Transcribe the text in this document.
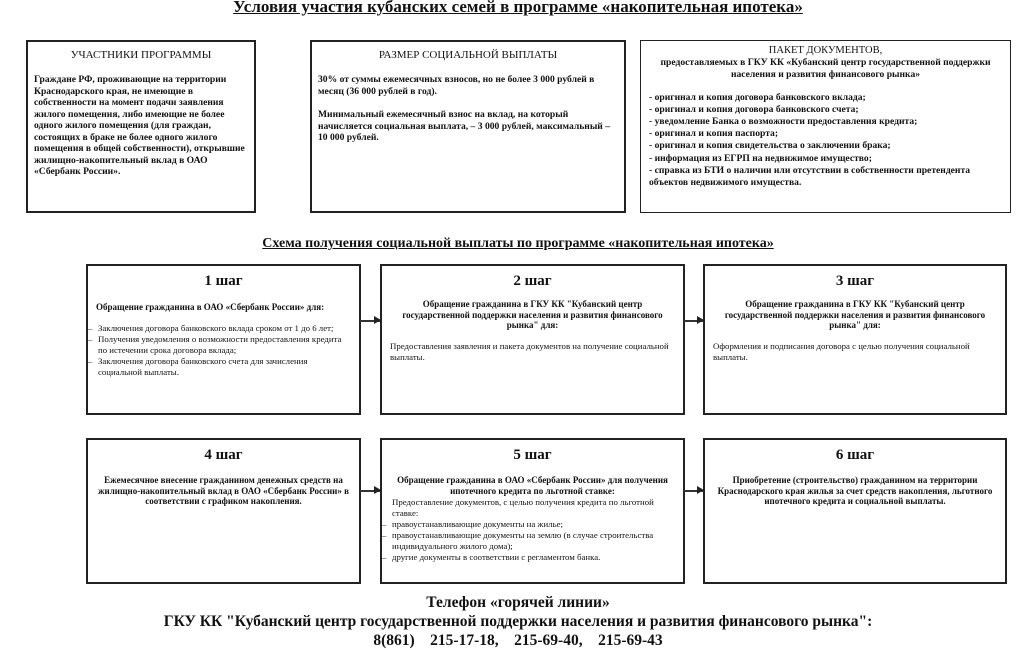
Условия участия кубанских семей в программе «накопительная ипотека»
УЧАСТНИКИ ПРОГРАММЫ

Граждане РФ, проживающие на территории Краснодарского края, не имеющие в собственности на момент подачи заявления жилого помещения, либо имеющие не более одного жилого помещения (для граждан, состоящих в браке не более одного жилого помещения в общей собственности), открывшие жилищно-накопительный вклад в ОАО «Сбербанк России».

РАЗМЕР СОЦИАЛЬНОЙ ВЫПЛАТЫ

30% от суммы ежемесячных взносов, но не более 3 000 рублей в месяц (36 000 рублей в год).

Минимальный ежемесячный взнос на вклад, на который начисляется социальная выплата, – 3 000 рублей, максимальный – 10 000 рублей.

ПАКЕТ ДОКУМЕНТОВ,
предоставляемых в ГКУ КК «Кубанский центр государственной поддержки населения и развития финансового рынка»
- оригинал и копия договора банковского вклада;
- оригинал и копия договора банковского счета;
- уведомление Банка о возможности предоставления кредита;
- оригинал и копия паспорта;
- оригинал и копия свидетельства о заключении брака;
- информация из ЕГРП на недвижимое имущество;
- справка из БТИ о наличии или отсутствии в собственности претендента объектов недвижимого имущества.
Схема получения социальной выплаты по программе «накопительная ипотека»
1 шаг
Обращение гражданина в ОАО «Сбербанк России» для:
– Заключения договора банковского вклада сроком от 1 до 6 лет;
– Получения уведомления о возможности предоставления кредита по истечении срока договора вклада;
– Заключения договора банковского счета для зачисления социальной выплаты.
2 шаг
Обращение гражданина в ГКУ КК "Кубанский центр государственной поддержки населения и развития финансового рынка" для:
Предоставления заявления и пакета документов на получение социальной выплаты.
3 шаг
Обращение гражданина в ГКУ КК "Кубанский центр государственной поддержки населения и развития финансового рынка" для:
Оформления и подписания договора с целью получения социальной выплаты.
4 шаг
Ежемесячное внесение гражданином денежных средств на жилищно-накопительный вклад в ОАО «Сбербанк России» в соответствии с графиком накопления.
5 шаг
Обращение гражданина в ОАО «Сбербанк России» для получения ипотечного кредита по льготной ставке:
Предоставление документов, с целью получения кредита по льготной ставке:
– правоустанавливающие документы на жилье;
– правоустанавливающие документы на землю (в случае строительства индивидуального жилого дома);
– другие документы в соответствии с регламентом банка.
6 шаг
Приобретение (строительство) гражданином на территории Краснодарского края жилья за счет средств накопления, льготного ипотечного кредита и социальной выплаты.
Телефон «горячей линии»
ГКУ КК "Кубанский центр государственной поддержки населения и развития финансового рынка":
8(861)    215-17-18,    215-69-40,    215-69-43
